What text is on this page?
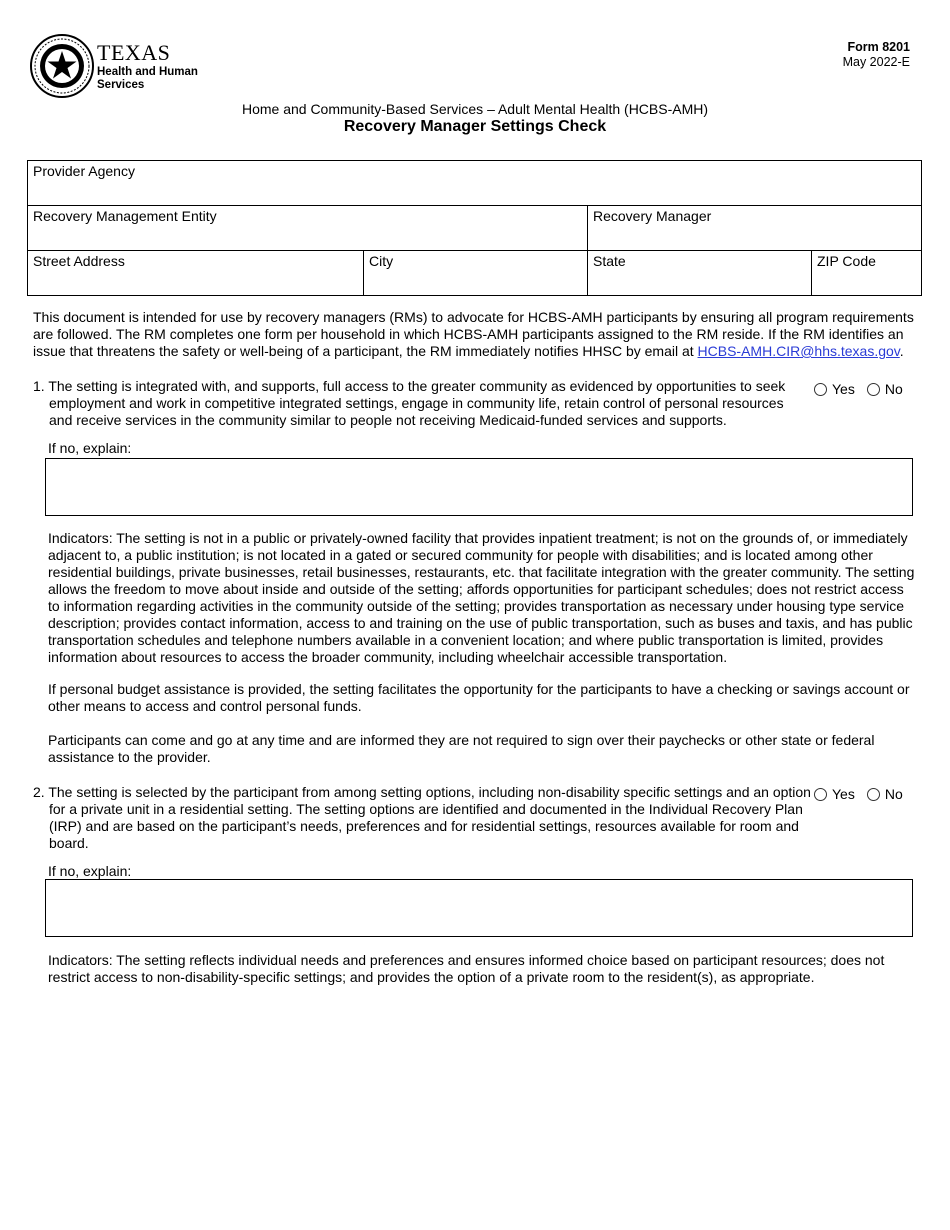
TEXAS
Health and Human
Services
Form 8201
May 2022-E
Home and Community-Based Services – Adult Mental Health (HCBS-AMH)
Recovery Manager Settings Check
Provider Agency			
Recovery Management Entity		Recovery Manager	
Street Address	City	State	ZIP Code
This document is intended for use by recovery managers (RMs) to advocate for HCBS-AMH participants by ensuring all program requirements are followed. The RM completes one form per household in which HCBS-AMH participants assigned to the RM reside. If the RM identifies an issue that threatens the safety or well-being of a participant, the RM immediately notifies HHSC by email at HCBS-AMH.CIR@hhs.texas.gov.
1. The setting is integrated with, and supports, full access to the greater community as evidenced by opportunities to seek employment and work in competitive integrated settings, engage in community life, retain control of personal resources and receive services in the community similar to people not receiving Medicaid-funded services and supports.
Yes No
If no, explain:
Indicators: The setting is not in a public or privately-owned facility that provides inpatient treatment; is not on the grounds of, or immediately adjacent to, a public institution; is not located in a gated or secured community for people with disabilities; and is located among other residential buildings, private businesses, retail businesses, restaurants, etc. that facilitate integration with the greater community. The setting allows the freedom to move about inside and outside of the setting; affords opportunities for participant schedules; does not restrict access to information regarding activities in the community outside of the setting; provides transportation as necessary under housing type service description; provides contact information, access to and training on the use of public transportation, such as buses and taxis, and has public transportation schedules and telephone numbers available in a convenient location; and where public transportation is limited, provides information about resources to access the broader community, including wheelchair accessible transportation.
If personal budget assistance is provided, the setting facilitates the opportunity for the participants to have a checking or savings account or other means to access and control personal funds.
Participants can come and go at any time and are informed they are not required to sign over their paychecks or other state or federal assistance to the provider.
2. The setting is selected by the participant from among setting options, including non-disability specific settings and an option for a private unit in a residential setting. The setting options are identified and documented in the Individual Recovery Plan (IRP) and are based on the participant’s needs, preferences and for residential settings, resources available for room and board.
Yes No
If no, explain:
Indicators: The setting reflects individual needs and preferences and ensures informed choice based on participant resources; does not restrict access to non-disability-specific settings; and provides the option of a private room to the resident(s), as appropriate.
